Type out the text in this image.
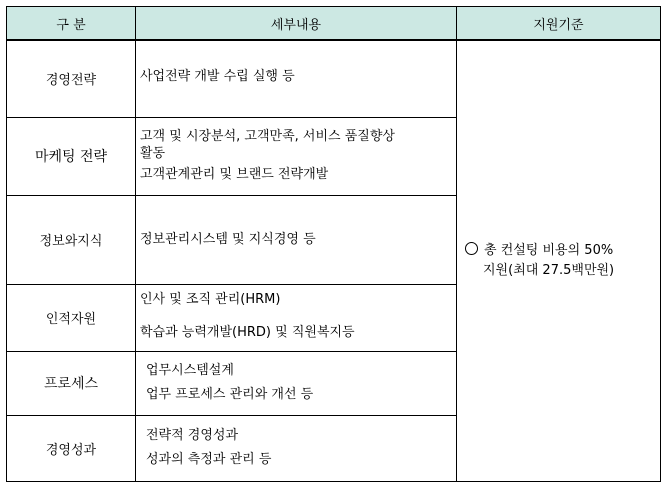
구 분	세부내용	지원기준
경영전략	사업전략 개발 수립 실행 등	총 컨설팅 비용의 50%
지원(최대 27.5백만원)

마케팅 전략	고객 및 시장분석, 고객만족, 서비스 품질향상
활동
고객관계관리 및 브랜드 전략개발	

정보와지식	정보관리시스템 및 지식경영 등	

인적자원	인사 및 조직 관리(HRM)
학습과 능력개발(HRD) 및 직원복지등	

프로세스	업무시스템설계
업무 프로세스 관리와 개선 등	

경영성과	전략적 경영성과
성과의 측정과 관리 등	
